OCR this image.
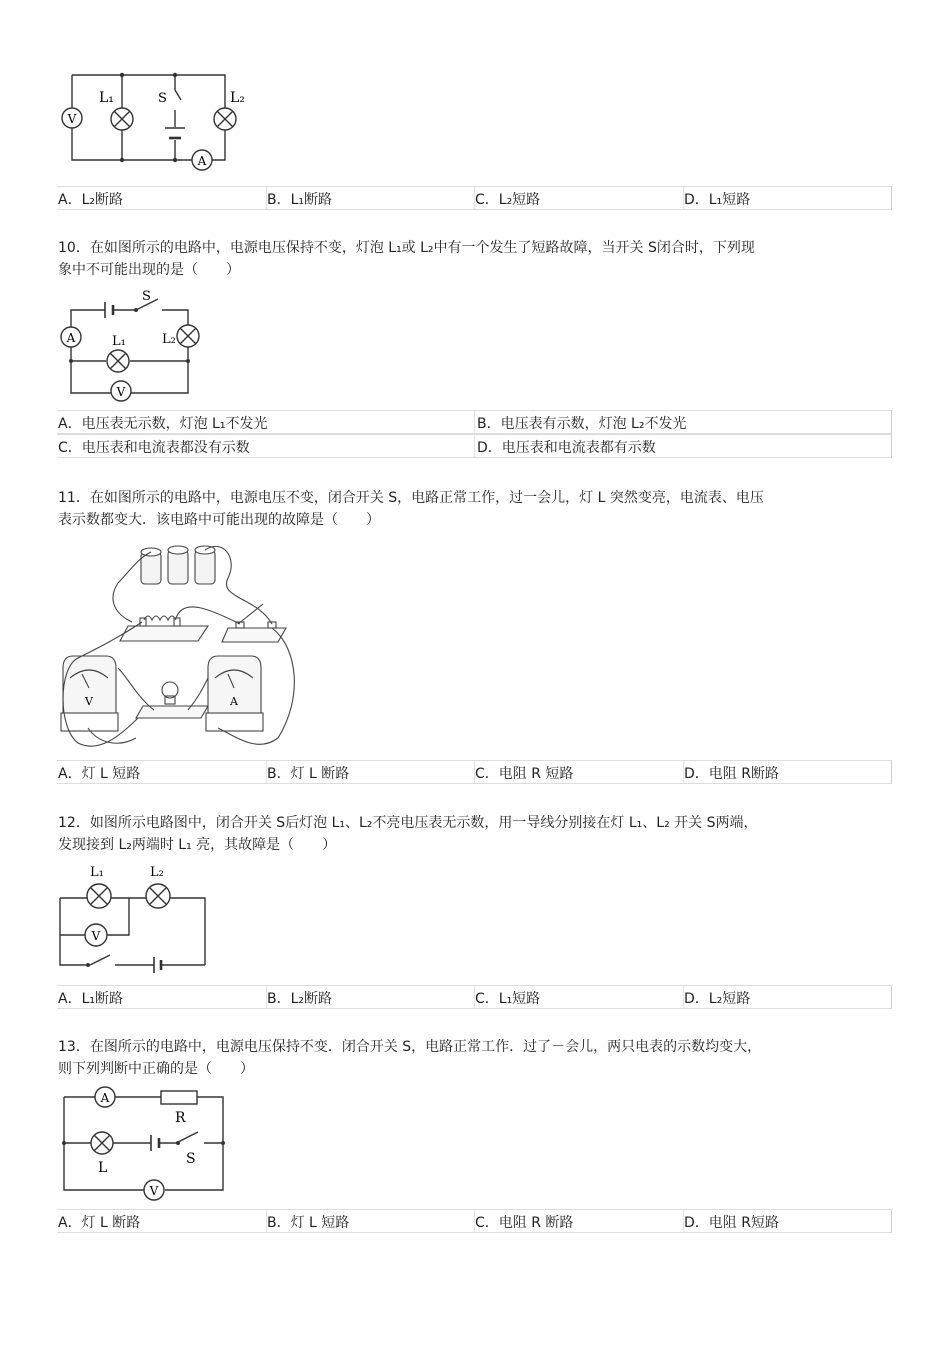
V
L₁	S	L₂
A
A．L₂断路	B．L₁断路	C．L₂短路	D．L₁短路
10．在如图所示的电路中，电源电压保持不变，灯泡 L₁或 L₂中有一个发生了短路故障，当开关 S闭合时，下列现
象中不可能出现的是（　　）
A
S
L₁	L₂
V
A．电压表无示数，灯泡 L₁不发光	B．电压表有示数，灯泡 L₂不发光
C．电压表和电流表都没有示数	D．电压表和电流表都有示数
11．在如图所示的电路中，电源电压不变，闭合开关 S，电路正常工作，过一会儿，灯 L 突然变亮，电流表、电压
表示数都变大．该电路中可能出现的故障是（　　）
V	A
A．灯 L 短路	B．灯 L 断路	C．电阻 R 短路	D．电阻 R断路
12．如图所示电路图中，闭合开关 S后灯泡 L₁、L₂不亮电压表无示数，用一导线分别接在灯 L₁、L₂ 开关 S两端，
发现接到 L₂两端时 L₁ 亮，其故障是（　　）
L₁	L₂
V
A．L₁断路	B．L₂断路	C．L₁短路	D．L₂短路
13．在图所示的电路中，电源电压保持不变．闭合开关 S，电路正常工作．过了－会儿，两只电表的示数均变大，
则下列判断中正确的是（　　）
A
R
L
S
V
A．灯 L 断路	B．灯 L 短路	C．电阻 R 断路	D．电阻 R短路
